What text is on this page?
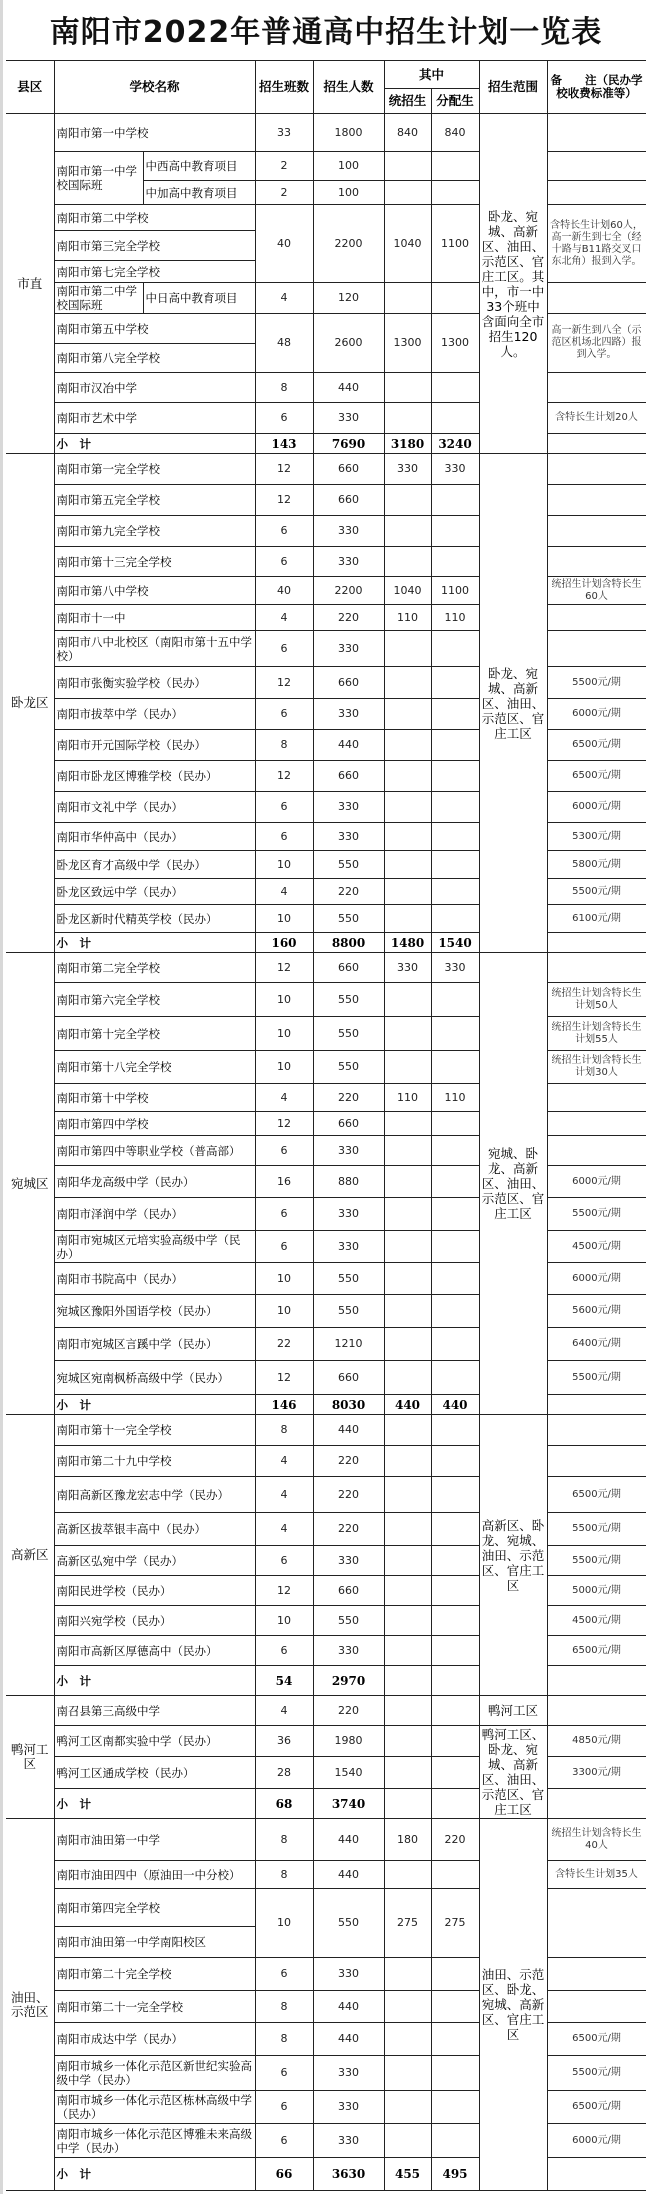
南阳市2022年普通高中招生计划一览表
县区	学校名称		招生班数	招生人数	其中		招生范围	备　　注（民办学校收费标准等）
					统招生	分配生		
市直	南阳市第一中学校		33	1800	840	840	卧龙、宛城、高新区、油田、示范区、官庄工区。其中，市一中33个班中含面向全市招生120人。	
	南阳市第一中学校国际班	中西高中教育项目	2	100				
		中加高中教育项目	2	100				
	南阳市第二中学校		40	2200	1040	1100		含特长生计划60人，高一新生到七全（经十路与B11路交叉口东北角）报到入学。
	南阳市第三完全学校							
	南阳市第七完全学校							
	南阳市第二中学校国际班	中日高中教育项目	4	120				
	南阳市第五中学校		48	2600	1300	1300		高一新生到八全（示范区机场北四路）报到入学。
	南阳市第八完全学校							
	南阳市汉冶中学		8	440				
	南阳市艺术中学		6	330				含特长生计划20人
	小　计		143	7690	3180	3240		
卧龙区	南阳市第一完全学校		12	660	330	330	卧龙、宛城、高新区、油田、示范区、官庄工区	
	南阳市第五完全学校		12	660				
	南阳市第九完全学校		6	330				
	南阳市第十三完全学校		6	330				
	南阳市第八中学校		40	2200	1040	1100		统招生计划含特长生60人
	南阳市十一中		4	220	110	110		
	南阳市八中北校区（南阳市第十五中学校）		6	330				
	南阳市张衡实验学校（民办）		12	660				5500元/期
	南阳市拔萃中学（民办）		6	330				6000元/期
	南阳市开元国际学校（民办）		8	440				6500元/期
	南阳市卧龙区博雅学校（民办）		12	660				6500元/期
	南阳市文礼中学（民办）		6	330				6000元/期
	南阳市华仲高中（民办）		6	330				5300元/期
	卧龙区育才高级中学（民办）		10	550				5800元/期
	卧龙区致远中学（民办）		4	220				5500元/期
	卧龙区新时代精英学校（民办）		10	550				6100元/期
	小　计		160	8800	1480	1540		
宛城区	南阳市第二完全学校		12	660	330	330	宛城、卧龙、高新区、油田、示范区、官庄工区	
	南阳市第六完全学校		10	550				统招生计划含特长生计划50人
	南阳市第十完全学校		10	550				统招生计划含特长生计划55人
	南阳市第十八完全学校		10	550				统招生计划含特长生计划30人
	南阳市第十中学校		4	220	110	110		
	南阳市第四中学校		12	660				
	南阳市第四中等职业学校（普高部）		6	330				
	南阳华龙高级中学（民办）		16	880				6000元/期
	南阳市泽润中学（民办）		6	330				5500元/期
	南阳市宛城区元培实验高级中学（民办）		6	330				4500元/期
	南阳市书院高中（民办）		10	550				6000元/期
	宛城区豫阳外国语学校（民办）		10	550				5600元/期
	南阳市宛城区言蹊中学（民办）		22	1210				6400元/期
	宛城区宛南枫桥高级中学（民办）		12	660				5500元/期
	小　计		146	8030	440	440		
高新区	南阳市第十一完全学校		8	440			高新区、卧龙、宛城、油田、示范区、官庄工区	
	南阳市第二十九中学校		4	220				
	南阳高新区豫龙宏志中学（民办）		4	220				6500元/期
	高新区拔萃银丰高中（民办）		4	220				5500元/期
	高新区弘宛中学（民办）		6	330				5500元/期
	南阳民进学校（民办）		12	660				5000元/期
	南阳兴宛学校（民办）		10	550				4500元/期
	南阳市高新区厚德高中（民办）		6	330				6500元/期
	小　计		54	2970				
鸭河工区	南召县第三高级中学		4	220			鸭河工区	
	鸭河工区南都实验中学（民办）		36	1980			鸭河工区、卧龙、宛城、高新区、油田、示范区、官庄工区	4850元/期
	鸭河工区通成学校（民办）		28	1540				3300元/期
	小　计		68	3740				
油田、示范区	南阳市油田第一中学		8	440	180	220	油田、示范区、卧龙、宛城、高新区、官庄工区	统招生计划含特长生40人
	南阳市油田四中（原油田一中分校）		8	440				含特长生计划35人
	南阳市第四完全学校		10	550	275	275		
	南阳市油田第一中学南阳校区							
	南阳市第二十完全学校		6	330				
	南阳市第二十一完全学校		8	440				
	南阳市成达中学（民办）		8	440				6500元/期
	南阳市城乡一体化示范区新世纪实验高级中学（民办）		6	330				5500元/期
	南阳市城乡一体化示范区栋林高级中学（民办）		6	330				6500元/期
	南阳市城乡一体化示范区博雅未来高级中学（民办）		6	330				6000元/期
	小　计		66	3630	455	495		
